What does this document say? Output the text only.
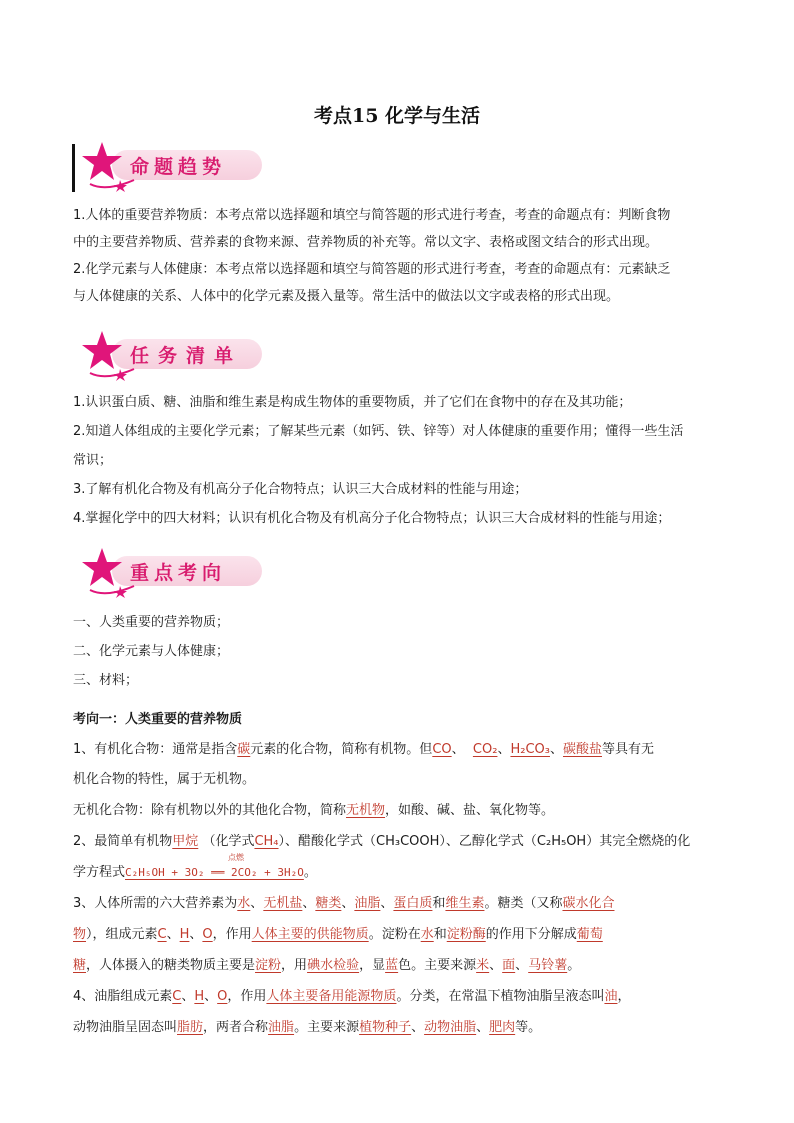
考点15 化学与生活
命题趋势
1.人体的重要营养物质：本考点常以选择题和填空与简答题的形式进行考查，考查的命题点有：判断食物
中的主要营养物质、营养素的食物来源、营养物质的补充等。常以文字、表格或图文结合的形式出现。
2.化学元素与人体健康：本考点常以选择题和填空与简答题的形式进行考查，考查的命题点有：元素缺乏
与人体健康的关系、人体中的化学元素及摄入量等。常生活中的做法以文字或表格的形式出现。
任务清单
1.认识蛋白质、糖、油脂和维生素是构成生物体的重要物质，并了它们在食物中的存在及其功能；
2.知道人体组成的主要化学元素；了解某些元素（如钙、铁、锌等）对人体健康的重要作用；懂得一些生活
常识；
3.了解有机化合物及有机高分子化合物特点；认识三大合成材料的性能与用途；
4.掌握化学中的四大材料；认识有机化合物及有机高分子化合物特点；认识三大合成材料的性能与用途；
重点考向
一、人类重要的营养物质；
二、化学元素与人体健康；
三、材料；
考向一：人类重要的营养物质
1、有机化合物：通常是指含碳元素的化合物，简称有机物。但CO、 CO₂、H₂CO₃、碳酸盐等具有无
机化合物的特性，属于无机物。
无机化合物：除有机物以外的其他化合物，简称无机物，如酸、碱、盐、氧化物等。
2、最简单有机物甲烷 （化学式CH₄）、醋酸化学式（CH₃COOH）、乙醇化学式（C₂H₅OH）其完全燃烧的化
学方程式C₂H₅OH + 3O₂ ══ 2CO₂ + 3H₂O。
点燃
3、人体所需的六大营养素为水、无机盐、糖类、油脂、蛋白质和维生素。糖类（又称碳水化合
物），组成元素C、H、O，作用人体主要的供能物质。淀粉在水和淀粉酶的作用下分解成葡萄
糖，人体摄入的糖类物质主要是淀粉，用碘水检验，显蓝色。主要来源米、面、马铃薯。
4、油脂组成元素C、H、O，作用人体主要备用能源物质。分类，在常温下植物油脂呈液态叫油，
动物油脂呈固态叫脂肪，两者合称油脂。主要来源植物种子、动物油脂、肥肉等。
